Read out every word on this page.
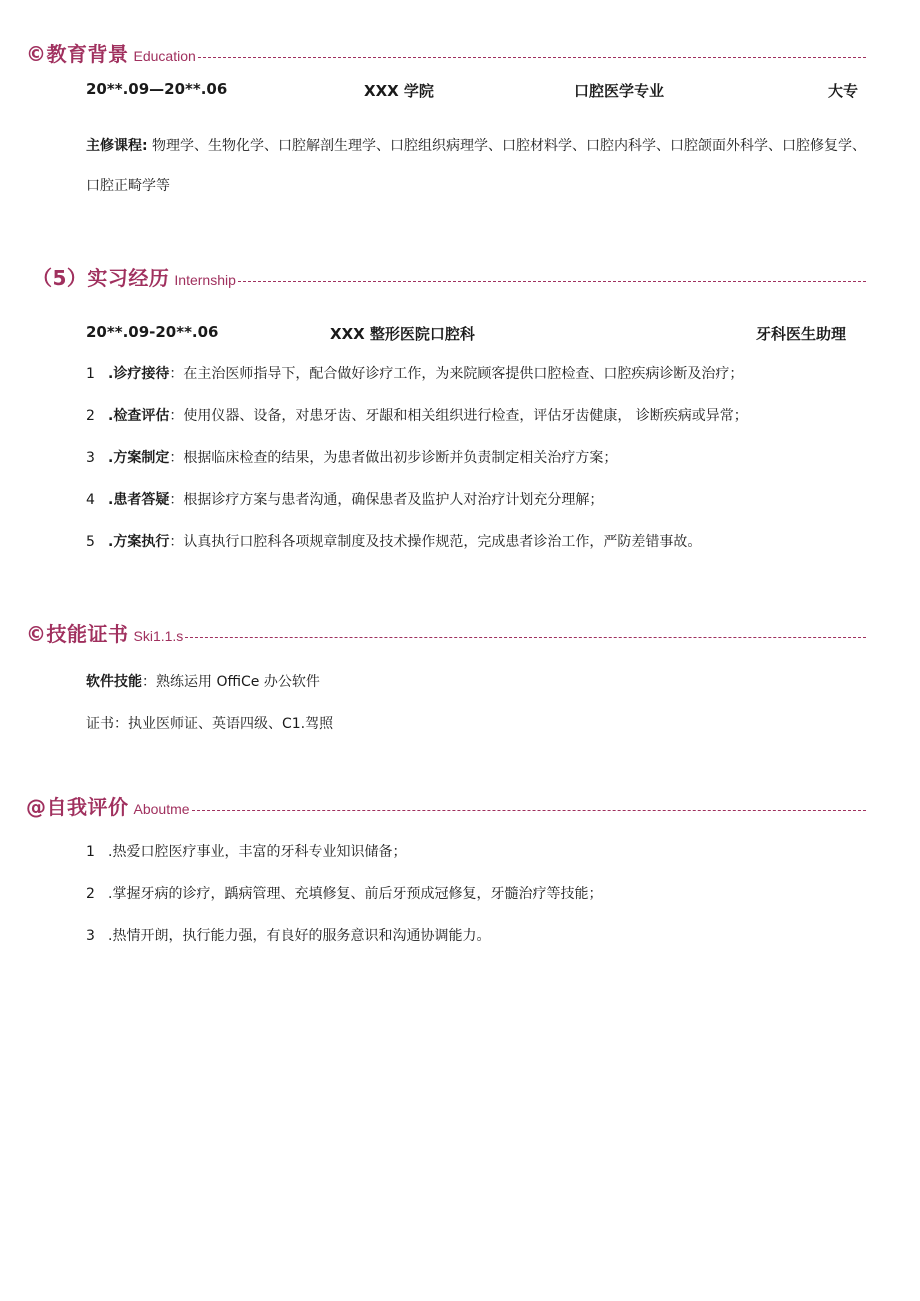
©教育背景 Education
20**.09—20**.06	XXX 学院	口腔医学专业	大专
主修课程: 物理学、生物化学、口腔解剖生理学、口腔组织病理学、口腔材料学、口腔内科学、口腔颌面外科学、口腔修复学、口腔正畸学等
（5）实习经历 Internship
20**.09-20**.06	XXX 整形医院口腔科	牙科医生助理
1 .诊疗接待：在主治医师指导下，配合做好诊疗工作，为来院顾客提供口腔检查、口腔疾病诊断及治疗；
2 .检查评估：使用仪器、设备，对患牙齿、牙龈和相关组织进行检查，评估牙齿健康， 诊断疾病或异常；
3 .方案制定：根据临床检查的结果，为患者做出初步诊断并负责制定相关治疗方案；
4 .患者答疑：根据诊疗方案与患者沟通，确保患者及监护人对治疗计划充分理解；
5 .方案执行：认真执行口腔科各项规章制度及技术操作规范，完成患者诊治工作，严防差错事故。
©技能证书 Ski1.1.s
软件技能：熟练运用 OffiCe 办公软件
证书：执业医师证、英语四级、C1.驾照
@自我评价 Aboutme
1 .热爱口腔医疗事业，丰富的牙科专业知识储备；
2 .掌握牙病的诊疗，踽病管理、充填修复、前后牙预成冠修复，牙髓治疗等技能；
3 .热情开朗，执行能力强，有良好的服务意识和沟通协调能力。
